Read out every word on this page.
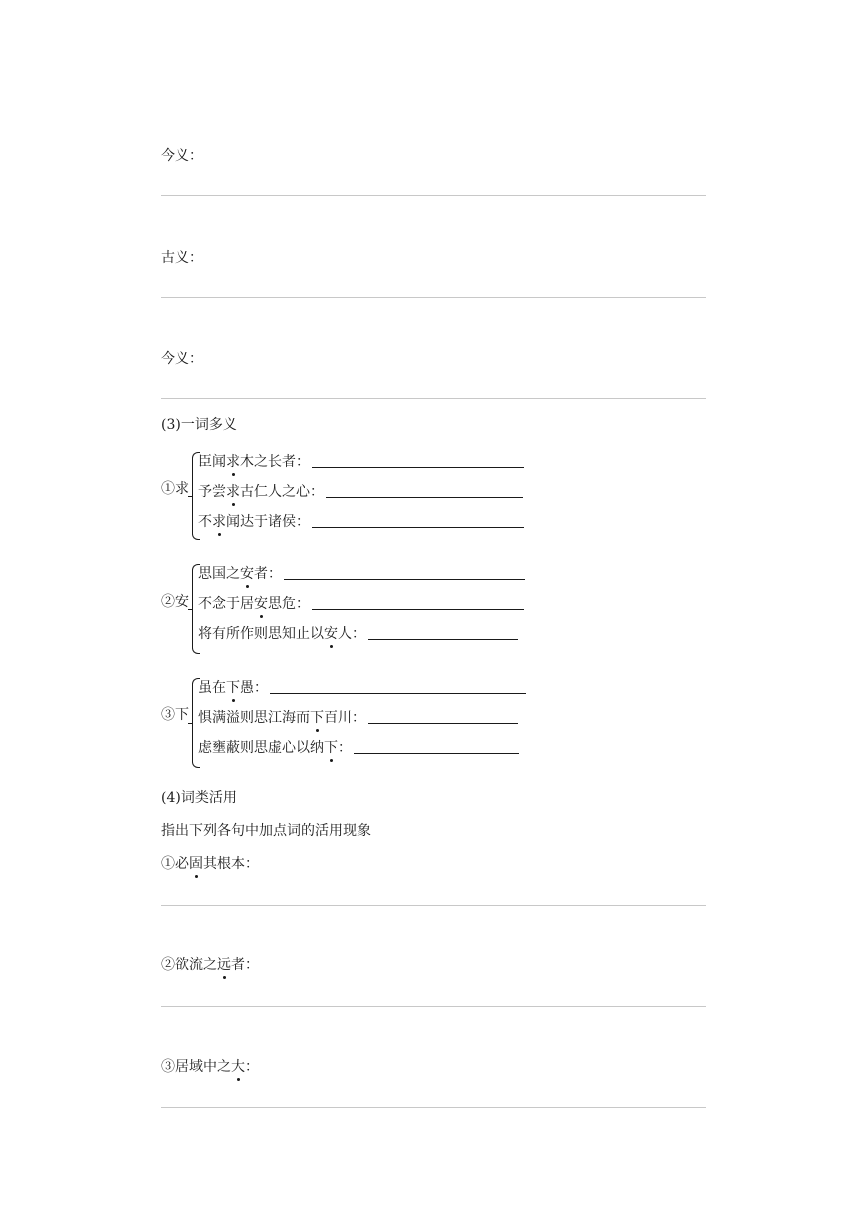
今义：
古义：
今义：
(3)一词多义
①求
臣闻求木之长者：
予尝求古仁人之心：
不求闻达于诸侯：
②安
思国之安者：
不念于居安思危：
将有所作则思知止以安人：
③下
虽在下愚：
惧满溢则思江海而下百川：
虑壅蔽则思虚心以纳下：
(4)词类活用
指出下列各句中加点词的活用现象
①必固其根本：
②欲流之远者：
③居域中之大：
